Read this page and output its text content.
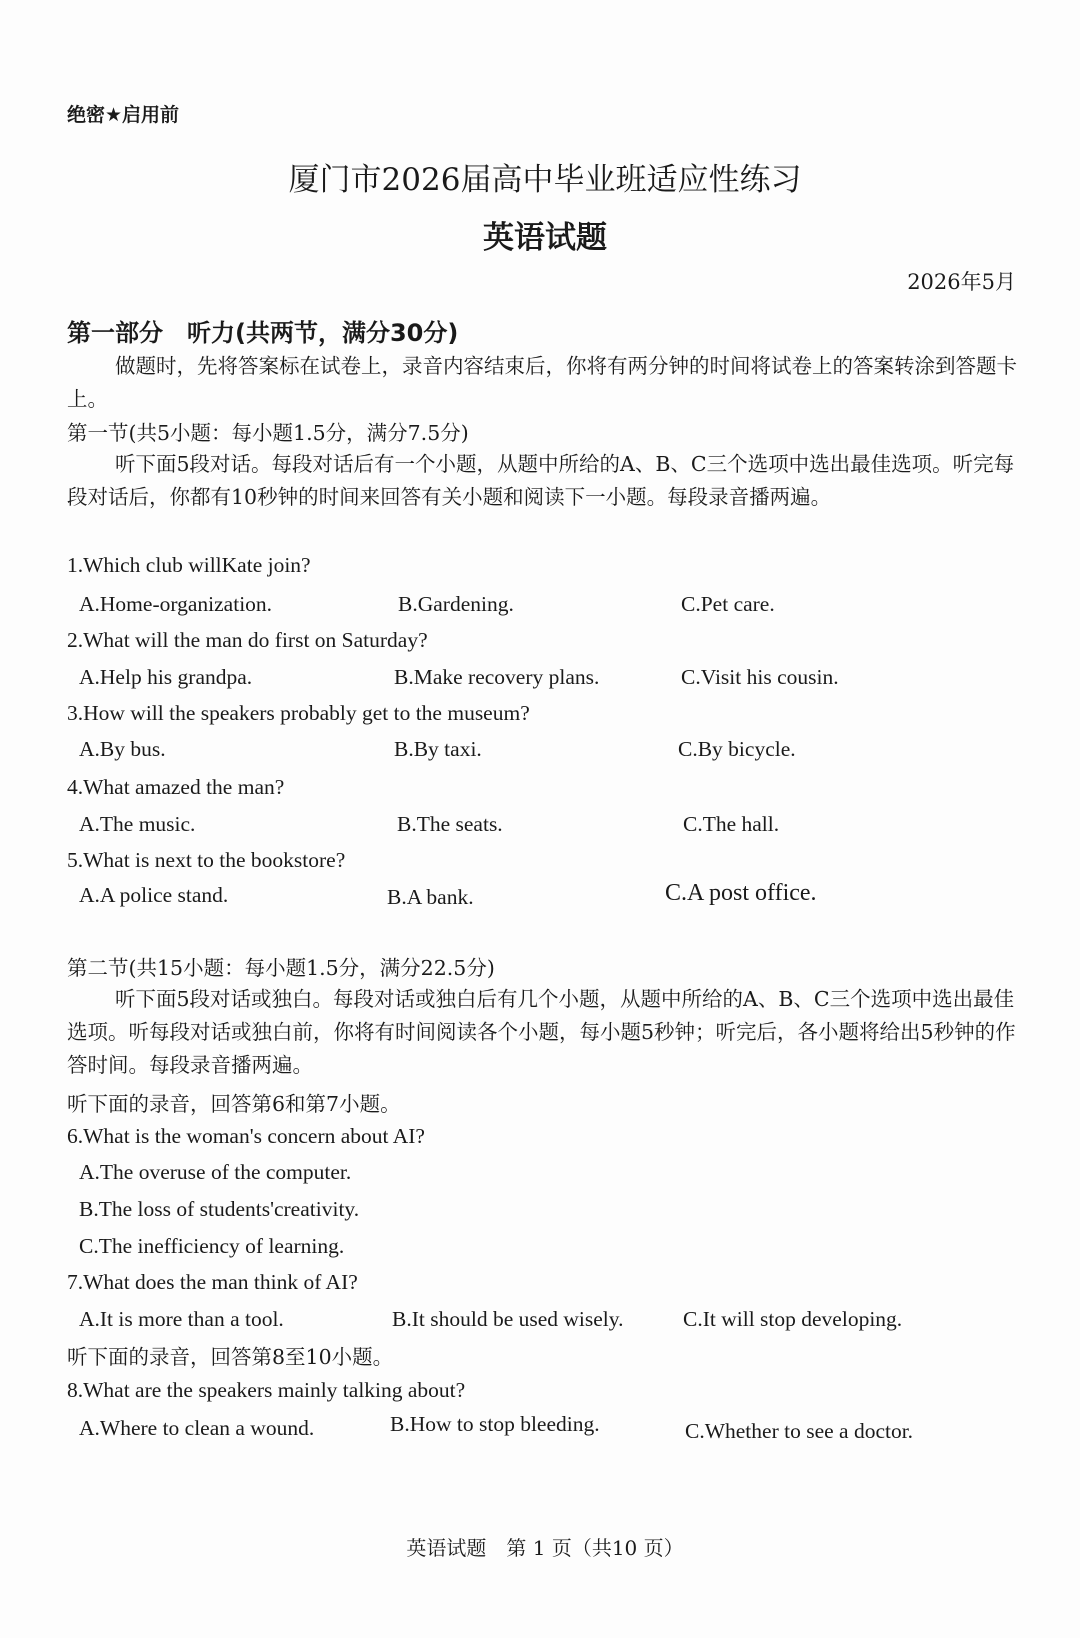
绝密★启用前

厦门市2026届高中毕业班适应性练习

英语试题

2026年5月

第一部分　听力(共两节，满分30分)

做题时，先将答案标在试卷上，录音内容结束后，你将有两分钟的时间将试卷上的答案转涂到答题卡上。

第一节(共5小题：每小题1.5分，满分7.5分)

听下面5段对话。每段对话后有一个小题，从题中所给的A、B、C三个选项中选出最佳选项。听完每段对话后，你都有10秒钟的时间来回答有关小题和阅读下一小题。每段录音播两遍。

1.Which club willKate join?

A.Home-organization.	B.Gardening.	C.Pet care.

2.What will the man do first on Saturday?

A.Help his grandpa.	B.Make recovery plans.	C.Visit his cousin.

3.How will the speakers probably get to the museum?

A.By bus.	B.By taxi.	C.By bicycle.

4.What amazed the man?

A.The music.	B.The seats.	C.The hall.

5.What is next to the bookstore?

A.A police stand.	B.A bank.	C.A post office.

第二节(共15小题：每小题1.5分，满分22.5分)

听下面5段对话或独白。每段对话或独白后有几个小题，从题中所给的A、B、C三个选项中选出最佳选项。听每段对话或独白前，你将有时间阅读各个小题，每小题5秒钟；听完后，各小题将给出5秒钟的作答时间。每段录音播两遍。

听下面的录音，回答第6和第7小题。

6.What is the woman's concern about AI?

A.The overuse of the computer.

B.The loss of students'creativity.

C.The inefficiency of learning.

7.What does the man think of AI?

A.It is more than a tool.	B.It should be used wisely.	C.It will stop developing.

听下面的录音，回答第8至10小题。

8.What are the speakers mainly talking about?

A.Where to clean a wound.	B.How to stop bleeding.	C.Whether to see a doctor.

英语试题　第 1 页（共10 页）
